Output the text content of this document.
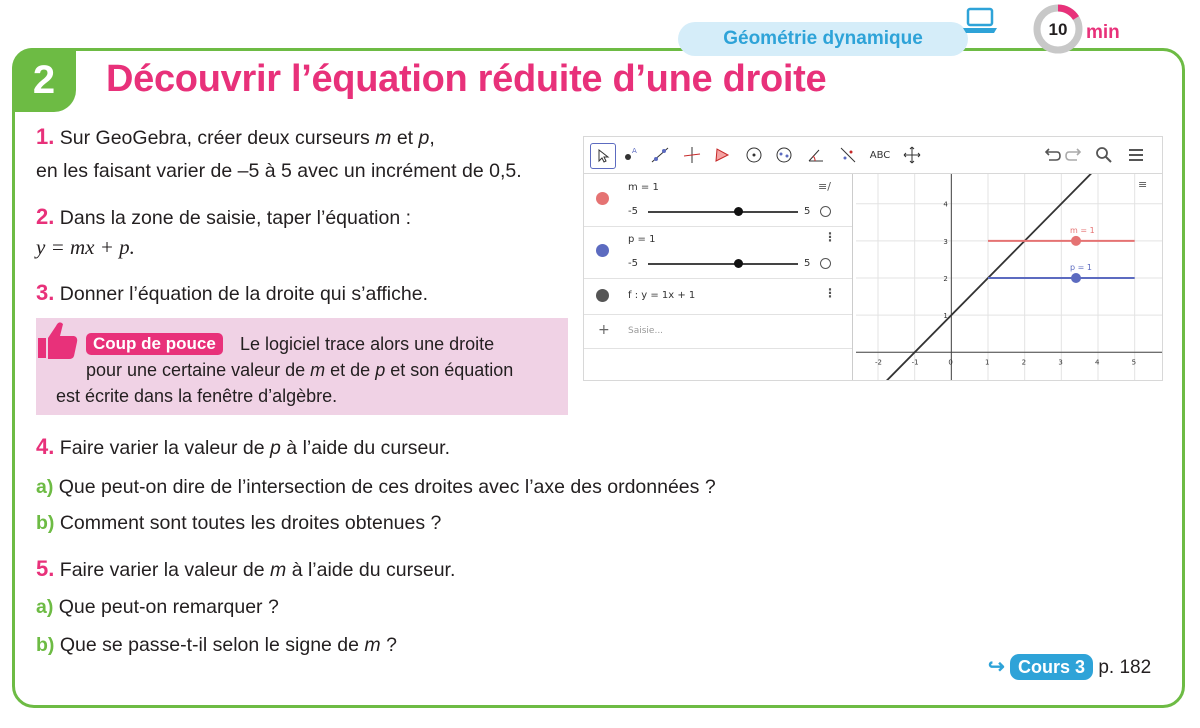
2	Découvrir l’équation réduite d’une droite
Géométrie dynamique	10 min
1. Sur GeoGebra, créer deux curseurs m et p,
en les faisant varier de –5 à 5 avec un incrément de 0,5.
2. Dans la zone de saisie, taper l’équation :
y = mx + p.
3. Donner l’équation de la droite qui s’affiche.
Coup de pouce	Le logiciel trace alors une droite
pour une certaine valeur de m et de p et son équation
est écrite dans la fenêtre d’algèbre.
A	ABC
m = 1
-5	5
≡/
p = 1
-5	5
⋮
f : y = 1x + 1	⋮
+ Saisie...
-2	-1	0	1	2	3	4	5
1
2
3
4
m = 1
p = 1
≡
4. Faire varier la valeur de p à l’aide du curseur.
a) Que peut-on dire de l’intersection de ces droites avec l’axe des ordonnées ?
b) Comment sont toutes les droites obtenues ?
5. Faire varier la valeur de m à l’aide du curseur.
a) Que peut-on remarquer ?
b) Que se passe-t-il selon le signe de m ?
↪ Cours 3 p. 182
